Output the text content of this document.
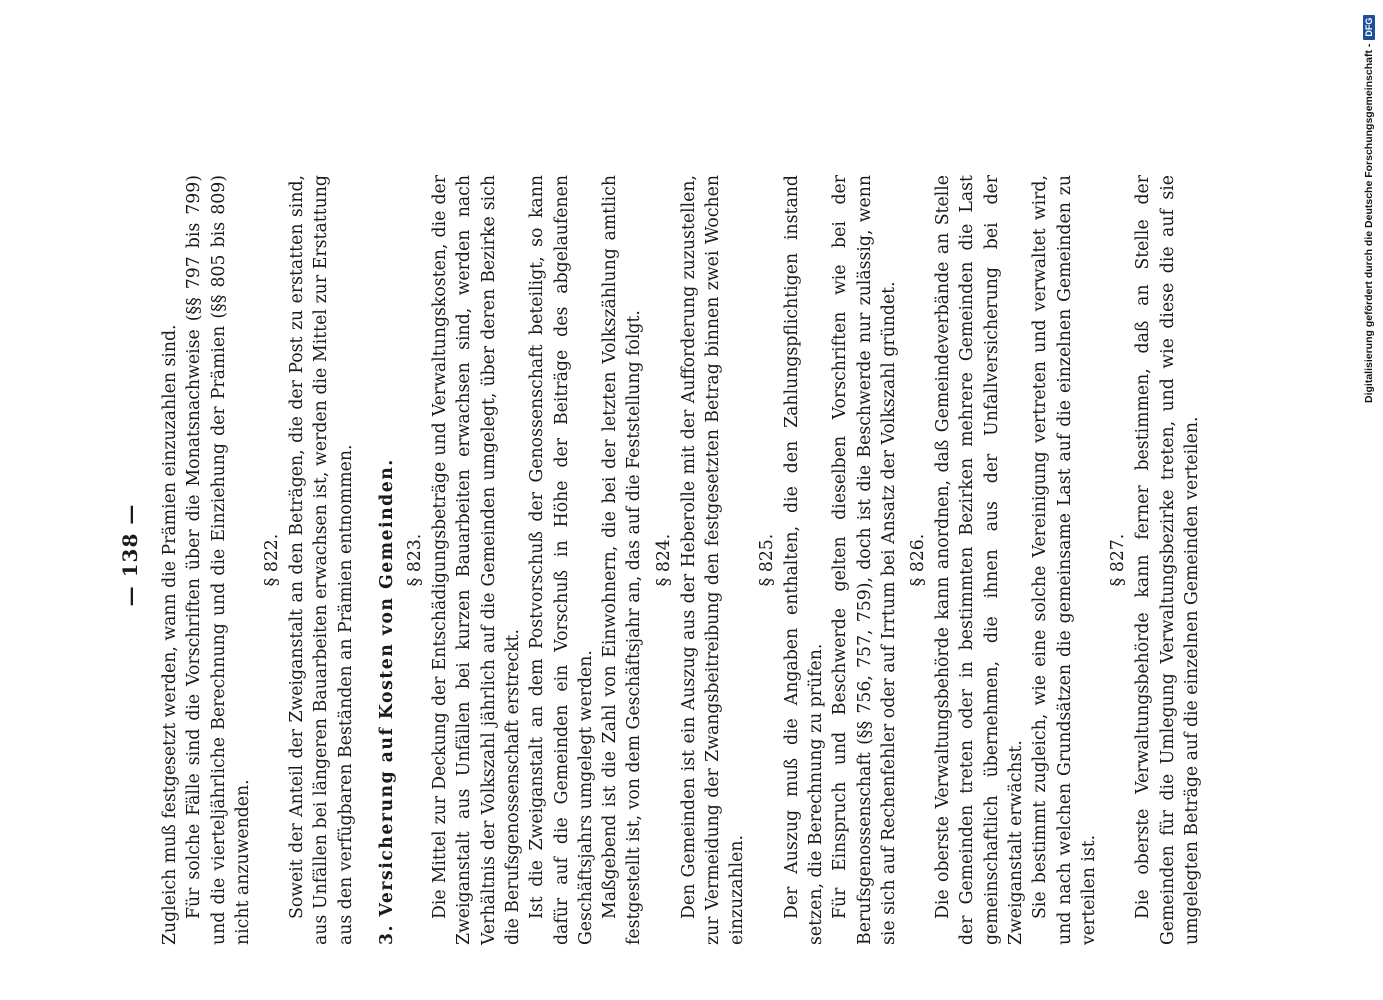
— 138 — Zugleich muß festgesetzt werden, wann die Prämien einzuzahlen sind. Für solche Fälle sind die Vorschriften über die Monatsnachweise (§§ 797 bis 799) und die vierteljährliche Berechnung und die Einziehung der Prämien (§§ 805 bis 809) nicht anzuwenden.

§ 822. Soweit der Anteil der Zweiganstalt an den Beträgen, die der Post zu erstatten sind, aus Unfällen bei längeren Bauarbeiten erwachsen ist, werden die Mittel zur Erstattung aus den verfügbaren Beständen an Prämien entnommen. 3. Versicherung auf Kosten von Gemeinden. § 823. Die Mittel zur Deckung der Entschädigungsbeträge und Verwaltungskosten, die der Zweiganstalt aus Unfällen bei kurzen Bauarbeiten erwachsen sind, werden nach Verhältnis der Volkszahl jährlich auf die Gemeinden umgelegt, über deren Bezirke sich die Berufsgenossenschaft erstreckt. Ist die Zweiganstalt an dem Postvorschuß der Genossenschaft beteiligt, so kann dafür auf die Gemeinden ein Vorschuß in Höhe der Beiträge des abgelaufenen Geschäftsjahrs umgelegt werden. Maßgebend ist die Zahl von Einwohnern, die bei der letzten Volkszählung amtlich festgestellt ist, von dem Geschäftsjahr an, das auf die Feststellung folgt. § 824. Den Gemeinden ist ein Auszug aus der Heberolle mit der Aufforderung zuzustellen, zur Vermeidung der Zwangsbeitreibung den festgesetzten Betrag binnen zwei Wochen einzuzahlen.

§ 825. Der Auszug muß die Angaben enthalten, die den Zahlungspflichtigen instand setzen, die Berechnung zu prüfen. Für Einspruch und Beschwerde gelten dieselben Vorschriften wie bei der Berufsgenossenschaft (§§ 756, 757, 759), doch ist die Beschwerde nur zulässig, wenn sie sich auf Rechenfehler oder auf Irrtum bei Ansatz der Volkszahl gründet. § 826. Die oberste Verwaltungsbehörde kann anordnen, daß Gemeindeverbände an Stelle der Gemeinden treten oder in bestimmten Bezirken mehrere Gemeinden die Last gemeinschaftlich übernehmen, die ihnen aus der Unfallversicherung bei der Zweiganstalt erwächst. Sie bestimmt zugleich, wie eine solche Vereinigung vertreten und verwaltet wird, und nach welchen Grundsätzen die gemeinsame Last auf die einzelnen Gemeinden zu verteilen ist.

§ 827. Die oberste Verwaltungsbehörde kann ferner bestimmen, daß an Stelle der Gemeinden für die Umlegung Verwaltungsbezirke treten, und wie diese die auf sie umgelegten Beträge auf die einzelnen Gemeinden verteilen.

Digitalisierung gefördert durch die Deutsche Forschungsgemeinschaft -
DFG
